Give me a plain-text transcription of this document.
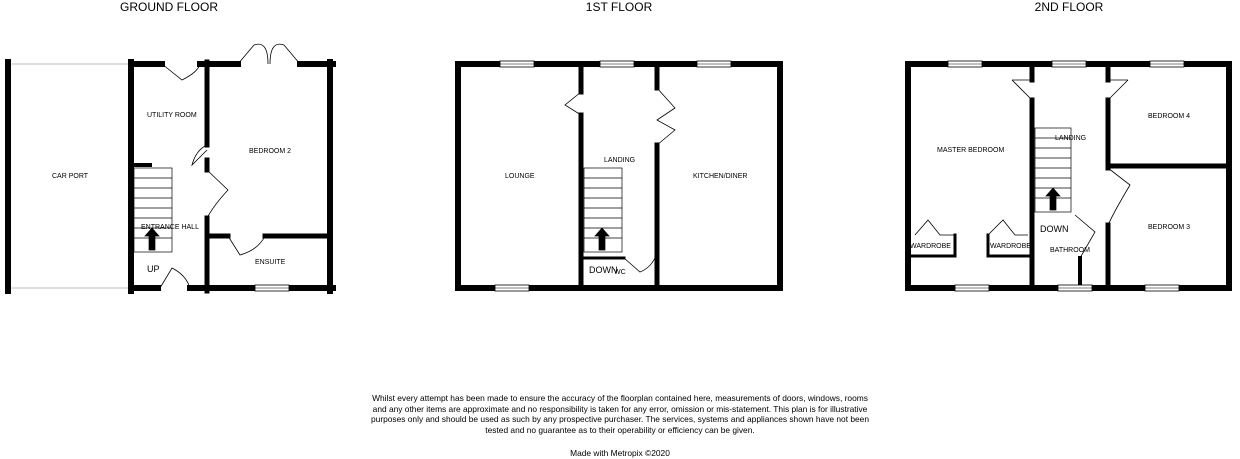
GROUND FLOOR	1ST FLOOR	2ND FLOOR
CAR PORT
UTILITY ROOM
BEDROOM 2
ENTRANCE HALL
ENSUITE
UP
LOUNGE
LANDING
KITCHEN/DINER
DOWN
WC
MASTER BEDROOM
LANDING
BEDROOM 4
BEDROOM 3
WARDROBE	WARDROBE
DOWN
BATHROOM
Whilst every attempt has been made to ensure the accuracy of the floorplan contained here, measurements of doors, windows, rooms and any other items are approximate and no responsibility is taken for any error, omission or mis-statement. This plan is for illustrative purposes only and should be used as such by any prospective purchaser. The services, systems and appliances shown have not been tested and no guarantee as to their operability or efficiency can be given.
Made with Metropix ©2020
